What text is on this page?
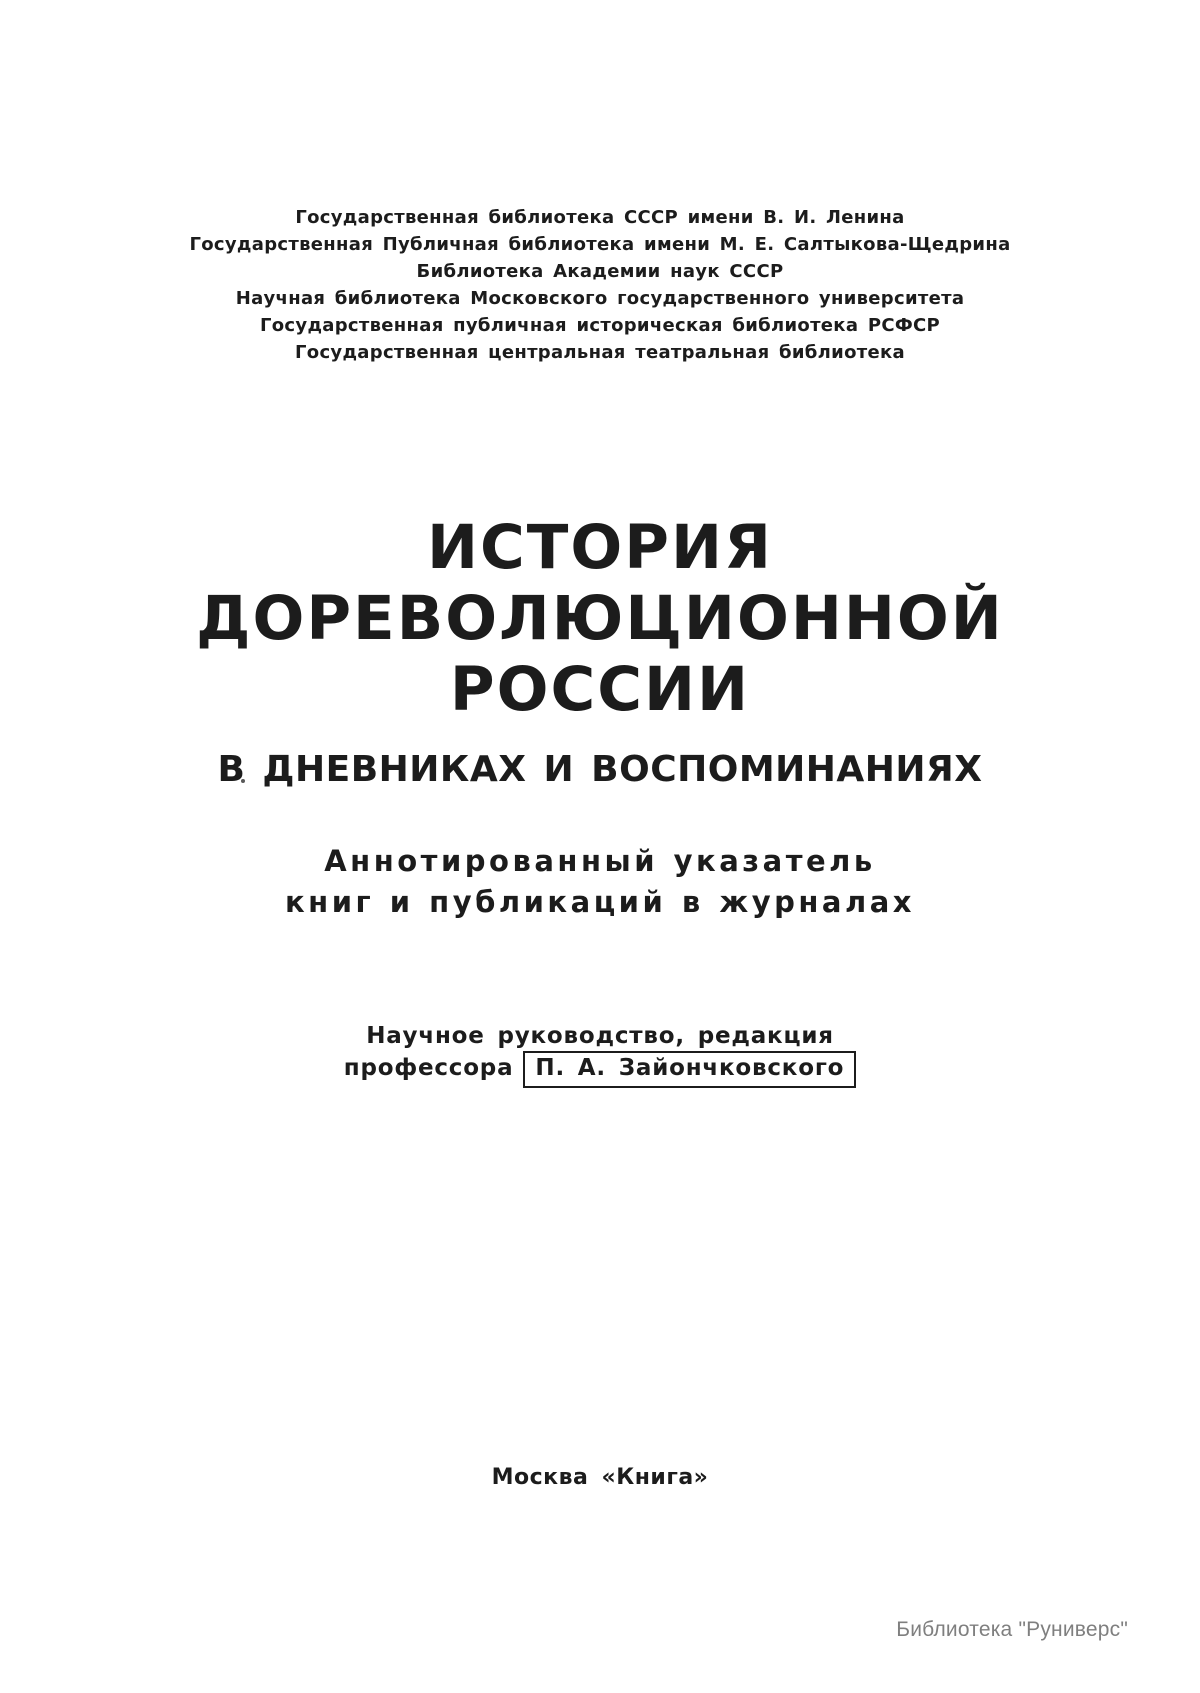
Государственная библиотека СССР имени В. И. Ленина
Государственная Публичная библиотека имени М. Е. Салтыкова-Щедрина
Библиотека Академии наук СССР
Научная библиотека Московского государственного университета
Государственная публичная историческая библиотека РСФСР
Государственная центральная театральная библиотека
ИСТОРИЯ
ДОРЕВОЛЮЦИОННОЙ
РОССИИ
В ДНЕВНИКАХ И ВОСПОМИНАНИЯХ
Аннотированный указатель
книг и публикаций в журналах
Научное руководство, редакция
профессора П. А. Зайончковского
Москва «Книга»
Библиотека "Руниверс"
